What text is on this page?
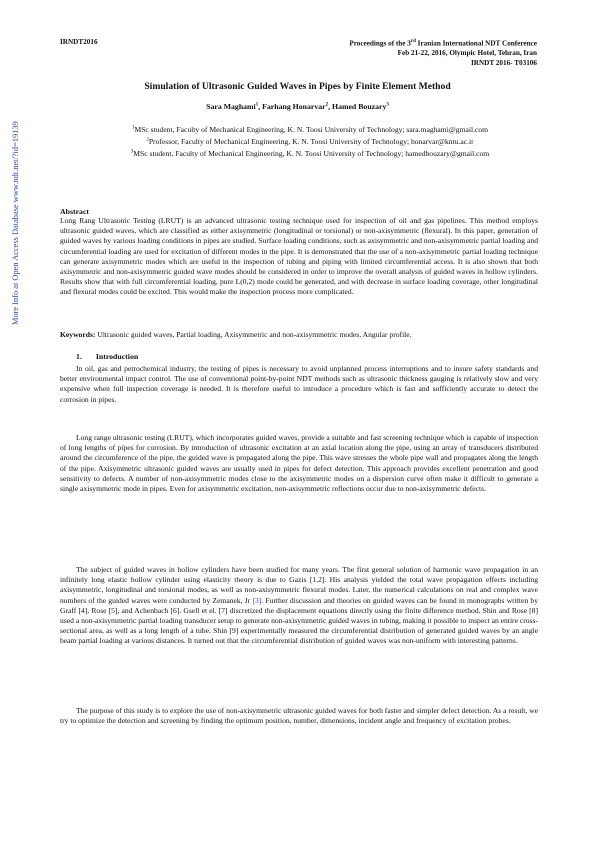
IRNDT2016	Proceedings of the 3rd Iranian International NDT Conference
Feb 21-22, 2016, Olympic Hotel, Tehran, Iran
IRNDT 2016- T03106
More Info at Open Access Database www.ndt.net/?id=19139
Simulation of Ultrasonic Guided Waves in Pipes by Finite Element Method
Sara Maghami$^1$, Farhang Honarvar$^2$, Hamed Bouzary$^3$
$^1$MSc student, Faculty of Mechanical Engineering, K. N. Toosi University of Technology; sara.maghami@gmail.com
$^2$Professor, Faculty of Mechanical Engineering, K. N. Toosi University of Technology; honarvar@kntu.ac.ir
$^3$MSc student, Faculty of Mechanical Engineering, K. N. Toosi University of Technology; hamedbouzary@gmail.com
Abstract
Long Rang Ultrasonic Testing (LRUT) is an advanced ultrasonic testing technique used for inspection of oil and gas pipelines. This method employs ultrasonic guided waves, which are classified as either axisymmetric (longitudinal or torsional) or non-axisymmetric (flexural). In this paper, generation of guided waves by various loading conditions in pipes are studied. Surface loading conditions, such as axisymmetric and non-axisymmetric partial loading and circumferential loading are used for excitation of different modes in the pipe. It is demonstrated that the use of a non-axisymmetric partial loading technique can generate axisymmetric modes which are useful in the inspection of tubing and piping with limited circumferential access. It is also shown that both axisymmetric and non-axisymmetric guided wave modes should be considered in order to improve the overall analysis of guided waves in hollow cylinders. Results show that with full circumferential loading, pure L(0,2) mode could be generated, and with decrease in surface loading coverage, other longitudinal and flexural modes could be excited. This would make the inspection process more complicated.
Keywords: Ultrasonic guided waves, Partial loading, Axisymmetric and non-axisymmetric modes, Angular profile.
1. Introduction
In oil, gas and petrochemical industry, the testing of pipes is necessary to avoid unplanned process interruptions and to insure safety standards and better environmental impact control. The use of conventional point-by-point NDT methods such as ultrasonic thickness gauging is relatively slow and very expensive when full inspection coverage is needed. It is therefore useful to introduce a procedure which is fast and sufficiently accurate to detect the corrosion in pipes.
Long range ultrasonic testing (LRUT), which incorporates guided waves, provide a suitable and fast screening technique which is capable of inspection of long lengths of pipes for corrosion. By introduction of ultrasonic excitation at an axial location along the pipe, using an array of transducers distributed around the circumference of the pipe, the guided wave is propagated along the pipe. This wave stresses the whole pipe wall and propagates along the length of the pipe. Axisymmetric ultrasonic guided waves are usually used in pipes for defect detection. This approach provides excellent penetration and good sensitivity to defects. A number of non-axisymmetric modes close to the axisymmetric modes on a dispersion curve often make it difficult to generate a single axisymmetric mode in pipes. Even for axisymmetric excitation, non-axisymmetric reflections occur due to non-axisymmetric defects.
The subject of guided waves in hollow cylinders have been studied for many years. The first general solution of harmonic wave propagation in an infinitely long elastic hollow cylinder using elasticity theory is due to Gazis [1,2]. His analysis yielded the total wave propagation effects including axisymmetric, longitudinal and torsional modes, as well as non-axisymmetric flexural modes. Later, the numerical calculations on real and complex wave numbers of the guided waves were conducted by Zemanek, Jr [3]. Further discussion and theories on guided waves can be found in monographs written by Graff [4], Rose [5], and Achenbach [6]. Gsell et el. [7] discretized the displacement equations directly using the finite difference method. Shin and Rose [8] used a non-axisymmetric partial loading transducer setup to generate non-axisymmetric guided waves in tubing, making it possible to inspect an entire cross-sectional area, as well as a long length of a tube. Shin [9] experimentally measured the circumferential distribution of generated guided waves by an angle beam partial loading at various distances. It turned out that the circumferential distribution of guided waves was non-uniform with interesting patterns.
The purpose of this study is to explore the use of non-axisymmetric ultrasonic guided waves for both faster and simpler defect detection. As a result, we try to optimize the detection and screening by finding the optimum position, number, dimensions, incident angle and frequency of excitation probes.
